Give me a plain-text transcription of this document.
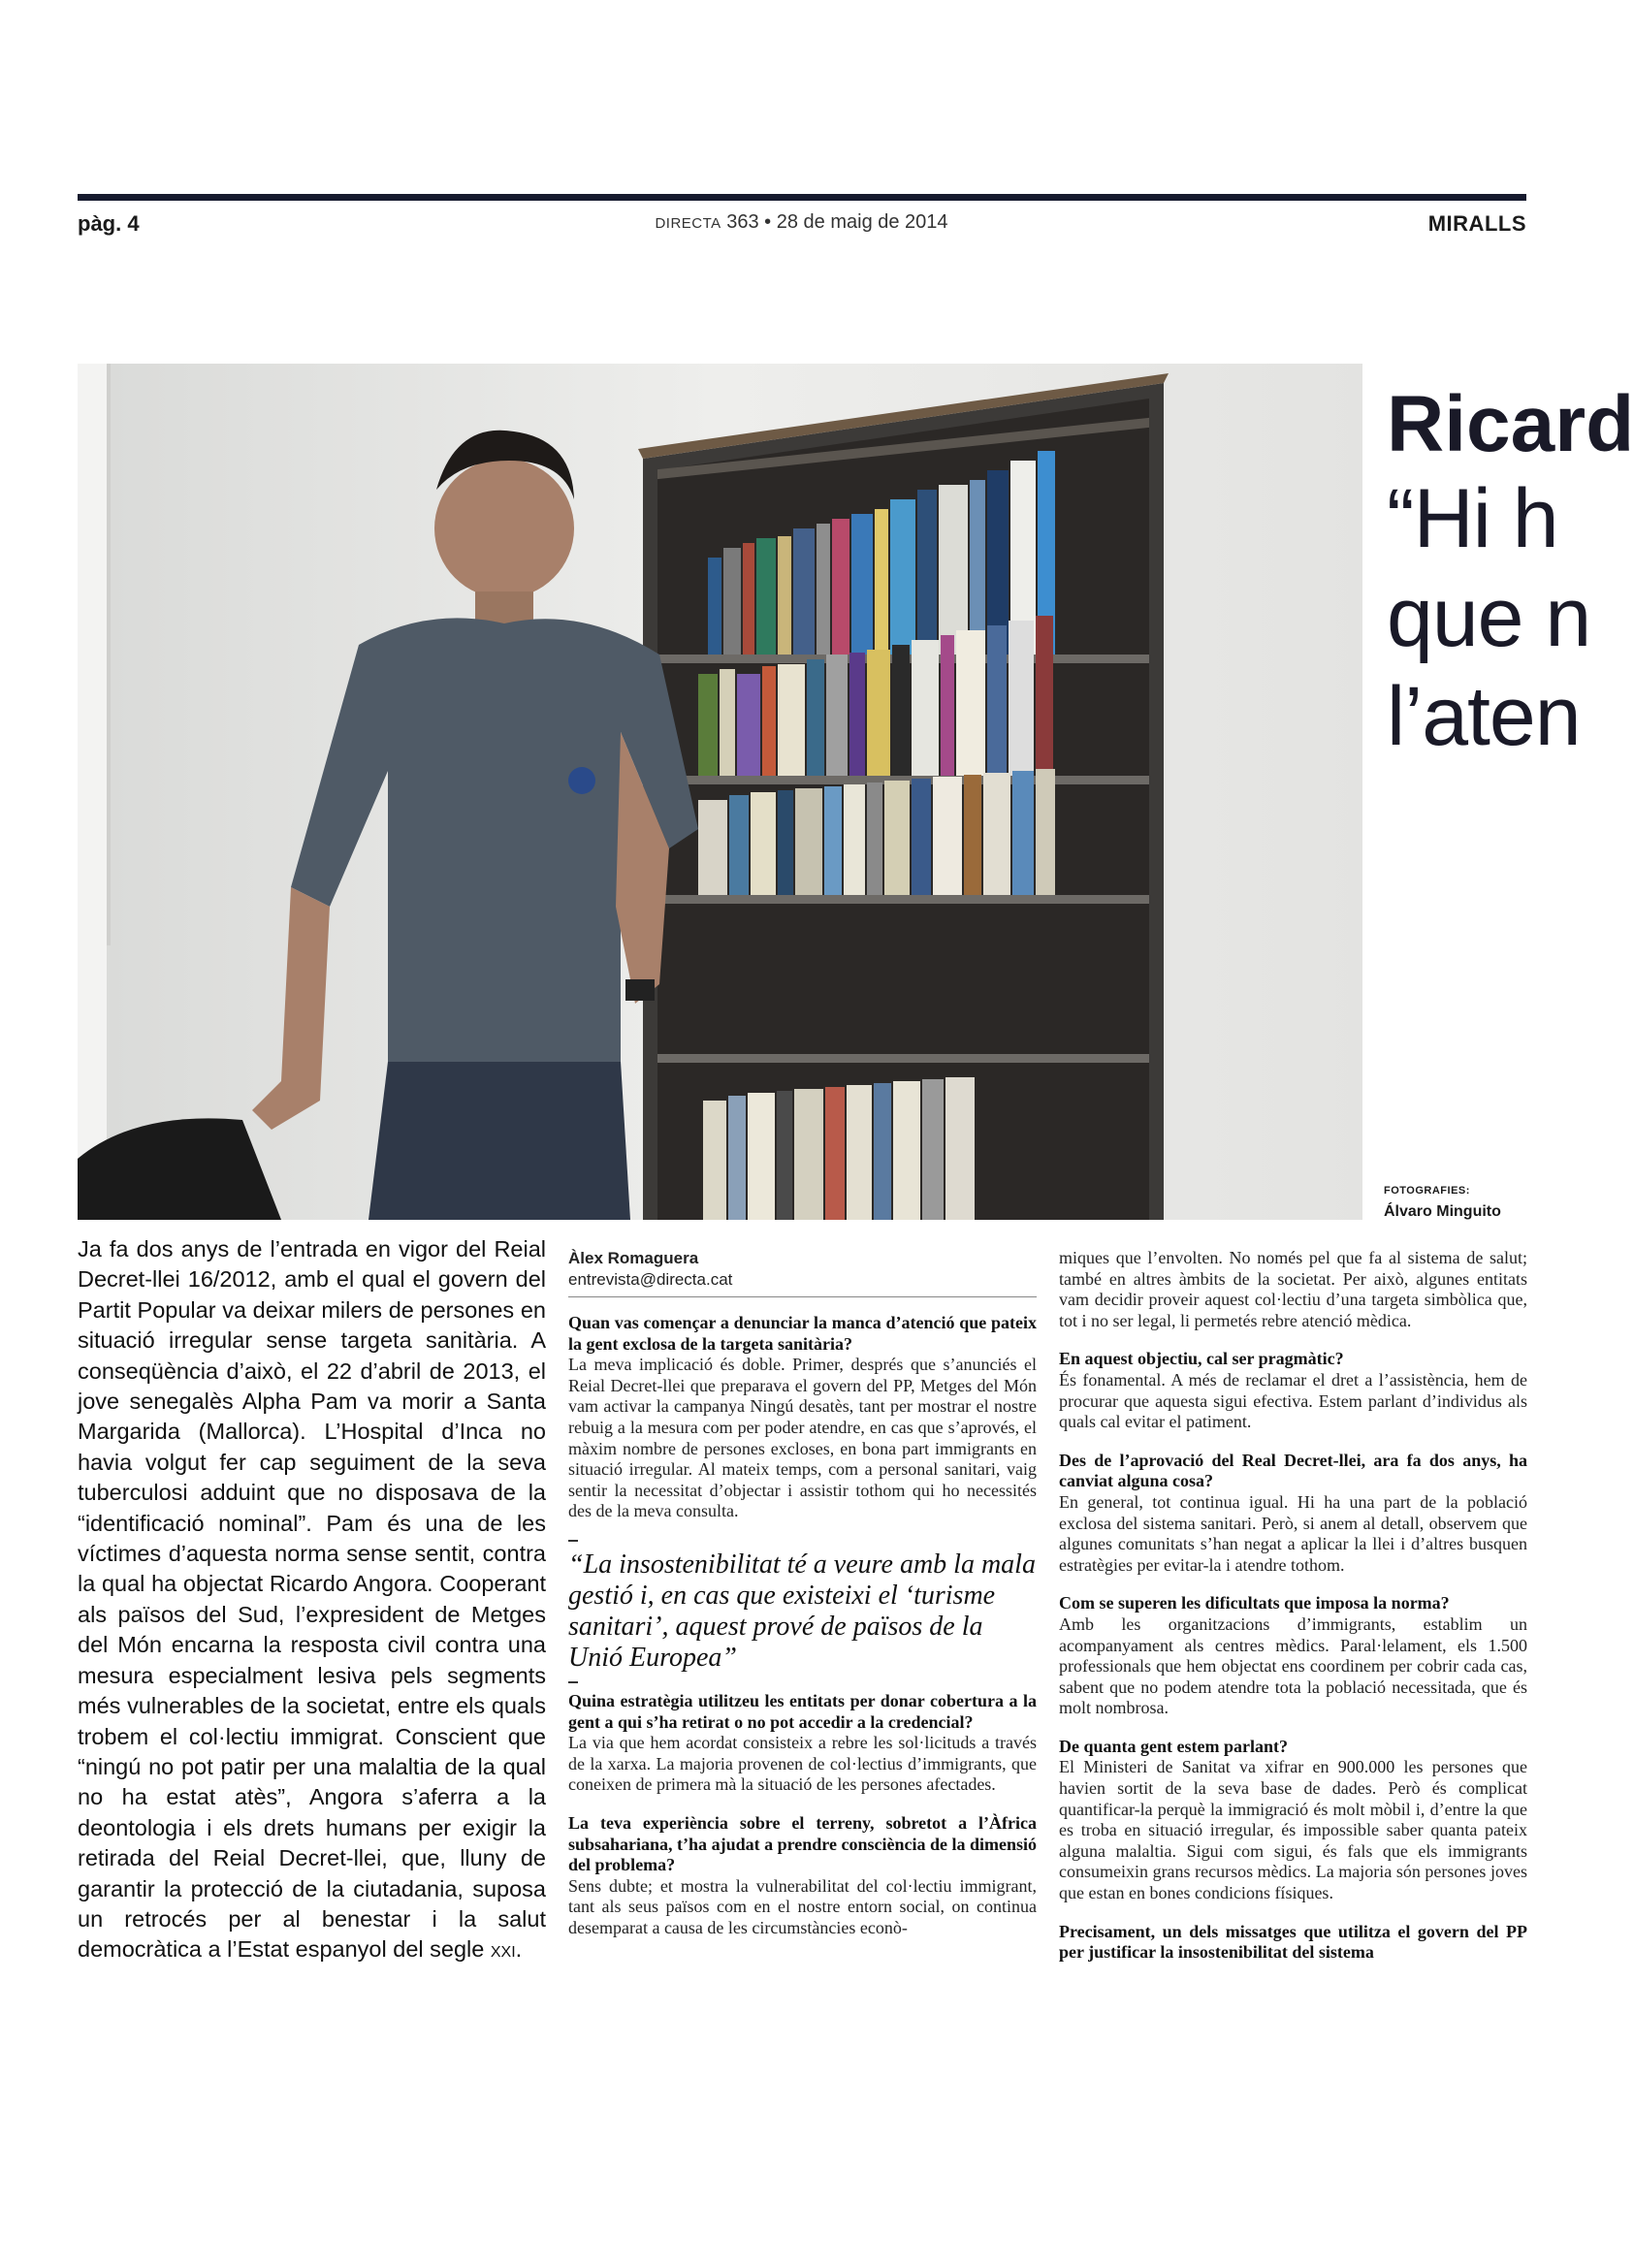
pàg. 4	DIRECTA 363 • 28 de maig de 2014	MIRALLS
Ricard
“Hi h
que n
l’aten
FOTOGRAFIES:
Álvaro Minguito
Ja fa dos anys de l’entrada en vigor del Reial Decret-llei 16/2012, amb el qual el govern del Partit Popular va deixar milers de persones en situació irregular sense targeta sanitària. A conseqüència d’això, el 22 d’abril de 2013, el jove senegalès Alpha Pam va morir a Santa Margarida (Mallorca). L’Hospital d’Inca no havia volgut fer cap seguiment de la seva tuberculosi adduint que no disposava de la “identificació nominal”. Pam és una de les víctimes d’aquesta norma sense sentit, contra la qual ha objectat Ricardo Angora. Cooperant als països del Sud, l’expresident de Metges del Món encarna la resposta civil contra una mesura especialment lesiva pels segments més vulnerables de la societat, entre els quals trobem el col·lectiu immigrat. Conscient que “ningú no pot patir per una malaltia de la qual no ha estat atès”, Angora s’aferra a la deontologia i els drets humans per exigir la retirada del Reial Decret-llei, que, lluny de garantir la protecció de la ciutadania, suposa un retrocés per al benestar i la salut democràtica a l’Estat espanyol del segle XXI.
Àlex Romaguera
entrevista@directa.cat
Quan vas començar a denunciar la manca d’atenció que pateix la gent exclosa de la targeta sanitària?
La meva implicació és doble. Primer, després que s’anunciés el Reial Decret-llei que preparava el govern del PP, Metges del Món vam activar la campanya Ningú desatès, tant per mostrar el nostre rebuig a la mesura com per poder atendre, en cas que s’aprovés, el màxim nombre de persones excloses, en bona part immigrants en situació irregular. Al mateix temps, com a personal sanitari, vaig sentir la necessitat d’objectar i assistir tothom qui ho necessités des de la meva consulta.
“La insostenibilitat té a veure amb la mala gestió i, en cas que existeixi el ‘turisme sanitari’, aquest prové de països de la Unió Europea”
Quina estratègia utilitzeu les entitats per donar cobertura a la gent a qui s’ha retirat o no pot accedir a la credencial?
La via que hem acordat consisteix a rebre les sol·licituds a través de la xarxa. La majoria provenen de col·lectius d’immigrants, que coneixen de primera mà la situació de les persones afectades.
La teva experiència sobre el terreny, sobretot a l’Àfrica subsahariana, t’ha ajudat a prendre consciència de la dimensió del problema?
Sens dubte; et mostra la vulnerabilitat del col·lectiu immigrant, tant als seus països com en el nostre entorn social, on continua desemparat a causa de les circumstàncies econò-
miques que l’envolten. No només pel que fa al sistema de salut; també en altres àmbits de la societat. Per això, algunes entitats vam decidir proveir aquest col·lectiu d’una targeta simbòlica que, tot i no ser legal, li permetés rebre atenció mèdica.
En aquest objectiu, cal ser pragmàtic?
És fonamental. A més de reclamar el dret a l’assistència, hem de procurar que aquesta sigui efectiva. Estem parlant d’individus als quals cal evitar el patiment.
Des de l’aprovació del Real Decret-llei, ara fa dos anys, ha canviat alguna cosa?
En general, tot continua igual. Hi ha una part de la població exclosa del sistema sanitari. Però, si anem al detall, observem que algunes comunitats s’han negat a aplicar la llei i d’altres busquen estratègies per evitar-la i atendre tothom.
Com se superen les dificultats que imposa la norma?
Amb les organitzacions d’immigrants, establim un acompanyament als centres mèdics. Paral·lelament, els 1.500 professionals que hem objectat ens coordinem per cobrir cada cas, sabent que no podem atendre tota la població necessitada, que és molt nombrosa.
De quanta gent estem parlant?
El Ministeri de Sanitat va xifrar en 900.000 les persones que havien sortit de la seva base de dades. Però és complicat quantificar-la perquè la immigració és molt mòbil i, d’entre la que es troba en situació irregular, és impossible saber quanta pateix alguna malaltia. Sigui com sigui, és fals que els immigrants consumeixin grans recursos mèdics. La majoria són persones joves que estan en bones condicions físiques.
Precisament, un dels missatges que utilitza el govern del PP per justificar la insostenibilitat del sistema
